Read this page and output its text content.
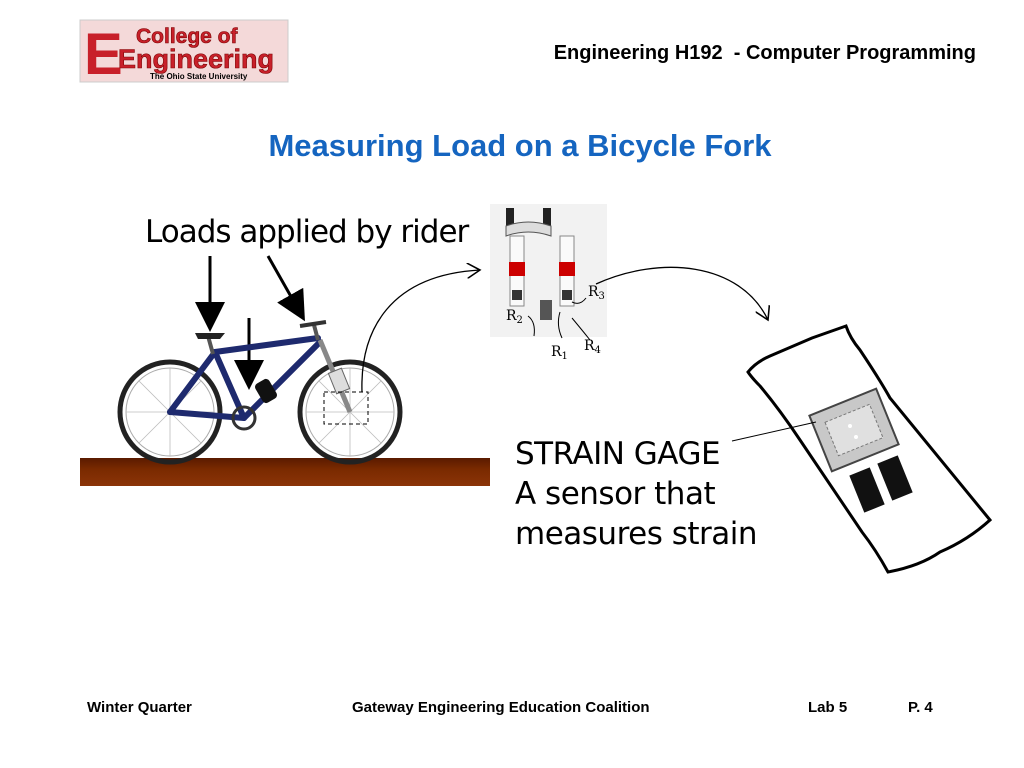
E College of
Engineering
The Ohio State University
Engineering H192  - Computer Programming
Measuring Load on a Bicycle Fork
Loads applied by rider
$R_2$
$R_3$
$R_1$
$R_4$
STRAIN GAGE
A sensor that
measures strain
Winter Quarter	Gateway Engineering Education Coalition	Lab 5	P. 4
